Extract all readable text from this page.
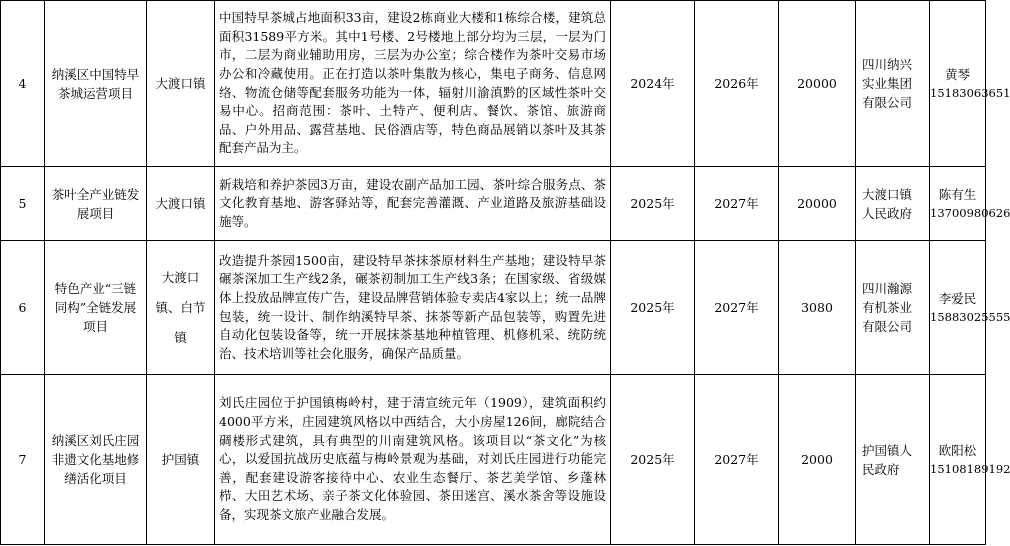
4	纳溪区中国特早茶城运营项目	大渡口镇	中国特早茶城占地面积33亩，建设2栋商业大楼和1栋综合楼，建筑总面积31589平方米。其中1号楼、2号楼地上部分均为三层，一层为门市，二层为商业辅助用房，三层为办公室；综合楼作为茶叶交易市场办公和冷藏使用。正在打造以茶叶集散为核心，集电子商务、信息网络、物流仓储等配套服务功能为一体，辐射川渝滇黔的区域性茶叶交易中心。招商范围：茶叶、土特产、便利店、餐饮、茶馆、旅游商品、户外用品、露营基地、民俗酒店等，特色商品展销以茶叶及其茶配套产品为主。	2024年	2026年	20000	四川纳兴实业集团有限公司	黄琴
15183063651

5	茶叶全产业链发展项目	大渡口镇	新栽培和养护茶园3万亩，建设农副产品加工园、茶叶综合服务点、茶文化教育基地、游客驿站等，配套完善灌溉、产业道路及旅游基础设施等。	2025年	2027年	20000	大渡口镇人民政府	陈有生
13700980626

6	特色产业“三链同构”全链发展项目	大渡口镇、白节镇	改造提升茶园1500亩，建设特早茶抹茶原材料生产基地；建设特早茶碾茶深加工生产线2条，碾茶初制加工生产线3条；在国家级、省级媒体上投放品牌宣传广告，建设品牌营销体验专卖店4家以上；统一品牌包装，统一设计、制作纳溪特早茶、抹茶等新产品包装等，购置先进自动化包装设备等，统一开展抹茶基地种植管理、机修机采、统防统治、技术培训等社会化服务，确保产品质量。	2025年	2027年	3080	四川瀚源有机茶业有限公司	李爱民
15883025555

7	纳溪区刘氏庄园非遗文化基地修缮活化项目	护国镇	刘氏庄园位于护国镇梅岭村，建于清宣统元年（1909），建筑面积约4000平方米，庄园建筑风格以中西结合，大小房屋126间，廊院结合碉楼形式建筑，具有典型的川南建筑风格。该项目以“茶文化”为核心，以爱国抗战历史底蕴与梅岭景观为基础，对刘氏庄园进行功能完善，配套建设游客接待中心、农业生态餐厅、茶艺美学馆、乡蓬林栉、大田艺术场、亲子茶文化体验园、茶田迷宫、溪水茶舍等设施设备，实现茶文旅产业融合发展。	2025年	2027年	2000	护国镇人民政府	欧阳松
15108189192
